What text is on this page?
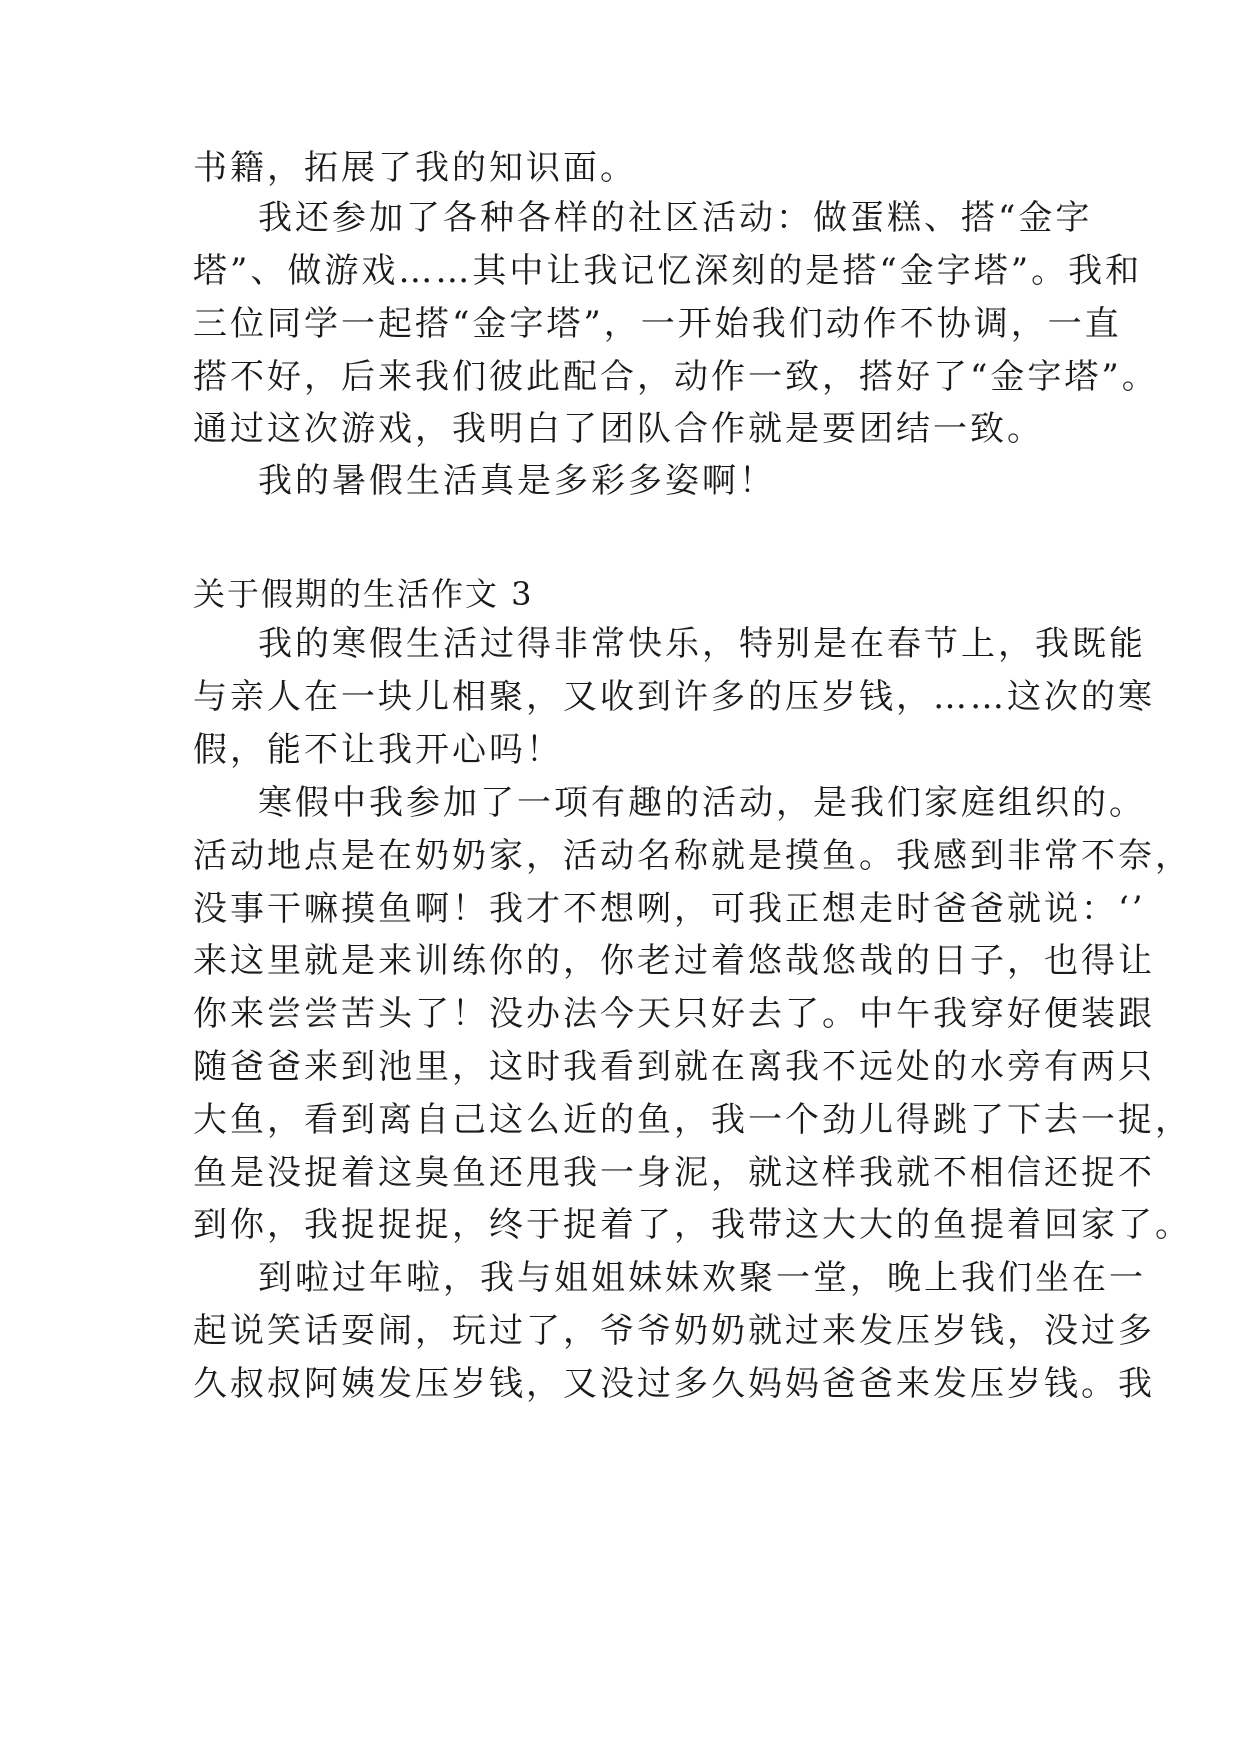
书籍，拓展了我的知识面。
我还参加了各种各样的社区活动：做蛋糕、搭“金字
塔”、做游戏……其中让我记忆深刻的是搭“金字塔”。我和
三位同学一起搭“金字塔”，一开始我们动作不协调，一直
搭不好，后来我们彼此配合，动作一致，搭好了“金字塔”。
通过这次游戏，我明白了团队合作就是要团结一致。
我的暑假生活真是多彩多姿啊！
关于假期的生活作文 3
我的寒假生活过得非常快乐，特别是在春节上，我既能
与亲人在一块儿相聚，又收到许多的压岁钱，……这次的寒
假，能不让我开心吗！
寒假中我参加了一项有趣的活动，是我们家庭组织的。
活动地点是在奶奶家，活动名称就是摸鱼。我感到非常不奈，
没事干嘛摸鱼啊！我才不想咧，可我正想走时爸爸就说：‘’
来这里就是来训练你的，你老过着悠哉悠哉的日子，也得让
你来尝尝苦头了！没办法今天只好去了。中午我穿好便装跟
随爸爸来到池里，这时我看到就在离我不远处的水旁有两只
大鱼，看到离自己这么近的鱼，我一个劲儿得跳了下去一捉，
鱼是没捉着这臭鱼还甩我一身泥，就这样我就不相信还捉不
到你，我捉捉捉，终于捉着了，我带这大大的鱼提着回家了。
到啦过年啦，我与姐姐妹妹欢聚一堂，晚上我们坐在一
起说笑话耍闹，玩过了，爷爷奶奶就过来发压岁钱，没过多
久叔叔阿姨发压岁钱，又没过多久妈妈爸爸来发压岁钱。我
